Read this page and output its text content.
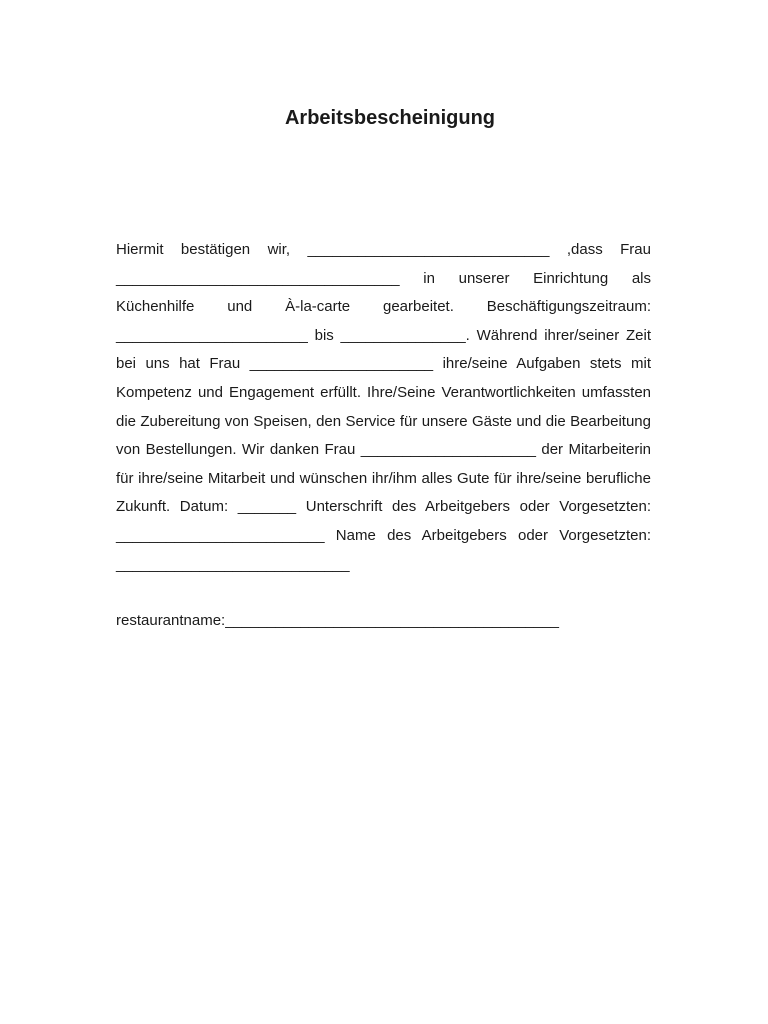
Arbeitsbescheinigung
Hiermit bestätigen wir, _____________________________ ,dass Frau __________________________________ in unserer Einrichtung als Küchenhilfe und À-la-carte gearbeitet. Beschäftigungszeitraum: _______________________ bis _______________. Während ihrer/seiner Zeit bei uns hat Frau ______________________ ihre/seine Aufgaben stets mit Kompetenz und Engagement erfüllt. Ihre/Seine Verantwortlichkeiten umfassten die Zubereitung von Speisen, den Service für unsere Gäste und die Bearbeitung von Bestellungen. Wir danken Frau _____________________ der Mitarbeiterin für ihre/seine Mitarbeit und wünschen ihr/ihm alles Gute für ihre/seine berufliche Zukunft. Datum: _______ Unterschrift des Arbeitgebers oder Vorgesetzten: _________________________ Name des Arbeitgebers oder Vorgesetzten: ____________________________
restaurantname:________________________________________
